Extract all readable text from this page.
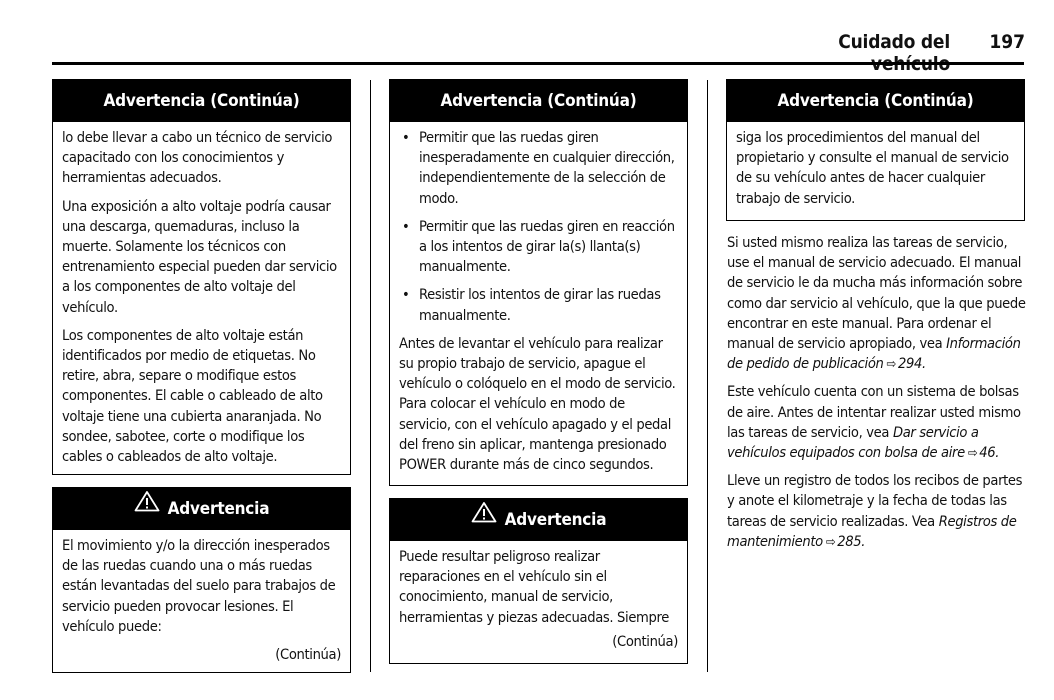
Cuidado del 197
Advertencia (Continúa)

lo debe llevar a cabo un técnico de servicio capacitado con los conocimientos y herramientas adecuados.

Una exposición a alto voltaje podría causar una descarga, quemaduras, incluso la muerte. Solamente los técnicos con entrenamiento especial pueden dar servicio a los componentes de alto voltaje del vehículo.

Los componentes de alto voltaje están identificados por medio de etiquetas. No retire, abra, separe o modifique estos componentes. El cable o cableado de alto voltaje tiene una cubierta anaranjada. No sondee, sabotee, corte o modifique los cables o cableados de alto voltaje.

Advertencia

El movimiento y/o la dirección inesperados de las ruedas cuando una o más ruedas están levantadas del suelo para trabajos de servicio pueden provocar lesiones. El vehículo puede:

(Continúa)
Advertencia (Continúa)
• Permitir que las ruedas giren inesperadamente en cualquier dirección, independientemente de la selección de modo.
• Permitir que las ruedas giren en reacción a los intentos de girar la(s) llanta(s) manualmente.
• Resistir los intentos de girar las ruedas manualmente.

Antes de levantar el vehículo para realizar su propio trabajo de servicio, apague el vehículo o colóquelo en el modo de servicio. Para colocar el vehículo en modo de servicio, con el vehículo apagado y el pedal del freno sin aplicar, mantenga presionado POWER durante más de cinco segundos.

Advertencia

Puede resultar peligroso realizar reparaciones en el vehículo sin el conocimiento, manual de servicio, herramientas y piezas adecuadas. Siempre

(Continúa)
Advertencia (Continúa)

siga los procedimientos del manual del propietario y consulte el manual de servicio de su vehículo antes de hacer cualquier trabajo de servicio.

Si usted mismo realiza las tareas de servicio, use el manual de servicio adecuado. El manual de servicio le da mucha más información sobre como dar servicio al vehículo, que la que puede encontrar en este manual. Para ordenar el manual de servicio apropiado, vea Información de pedido de publicación ⇨ 294.

Este vehículo cuenta con un sistema de bolsas de aire. Antes de intentar realizar usted mismo las tareas de servicio, vea Dar servicio a vehículos equipados con bolsa de aire ⇨ 46.

Lleve un registro de todos los recibos de partes y anote el kilometraje y la fecha de todas las tareas de servicio realizadas. Vea Registros de mantenimiento ⇨ 285.
